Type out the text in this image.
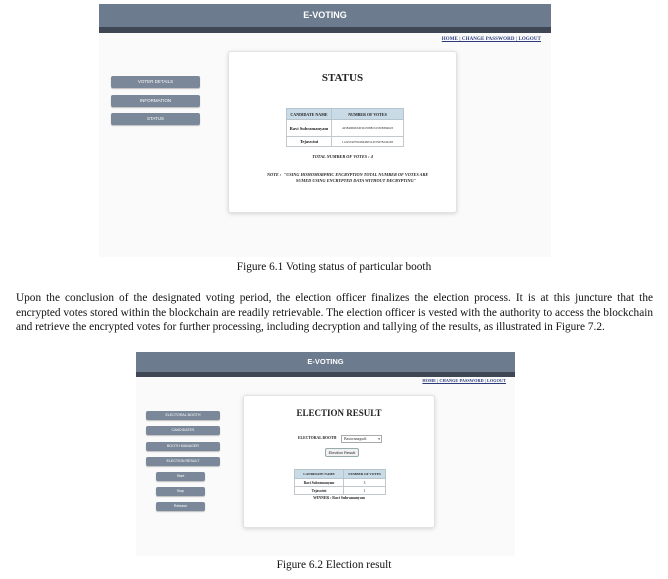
E-VOTING
HOME | CHANGE PASSWORD | LOGOUT
VOTER DETAILS
INFORMATION
STATUS
STATUS
CANDIDATE NAME	NUMBER OF VOTES
Ravi Subramanyam	42584909034536135881315308394623
Tejaswini	11225190791084482314725078242228
TOTAL NUMBER OF VOTES : 4
NOTE : "USING HOMOMORPHIC ENCRYPTION TOTAL NUMBER OF VOTES ARE SUMED USING ENCRYPTED DATA WITHOUT DECRYPTING"
Figure 6.1 Voting status of particular booth
Upon the conclusion of the designated voting period, the election officer finalizes the election process. It is at this juncture that the encrypted votes stored within the blockchain are readily retrievable. The election officer is vested with the authority to access the blockchain and retrieve the encrypted votes for further processing, including decryption and tallying of the results, as illustrated in Figure 7.2.
E-VOTING
HOME | CHANGE PASSWORD | LOGOUT
ELECTORAL BOOTH
CANDIDATES
BOOTH MANAGER
ELECTION RESULT
Start
Stop
Release
ELECTION RESULT
ELECTORAL BOOTH	Basavanagudi	▾
Election Result
CANDIDATE NAME	NUMBER OF VOTES
Ravi Subramanyam	3
Tejaswini	1
WINNER : Ravi Subramanyam
Figure 6.2 Election result
